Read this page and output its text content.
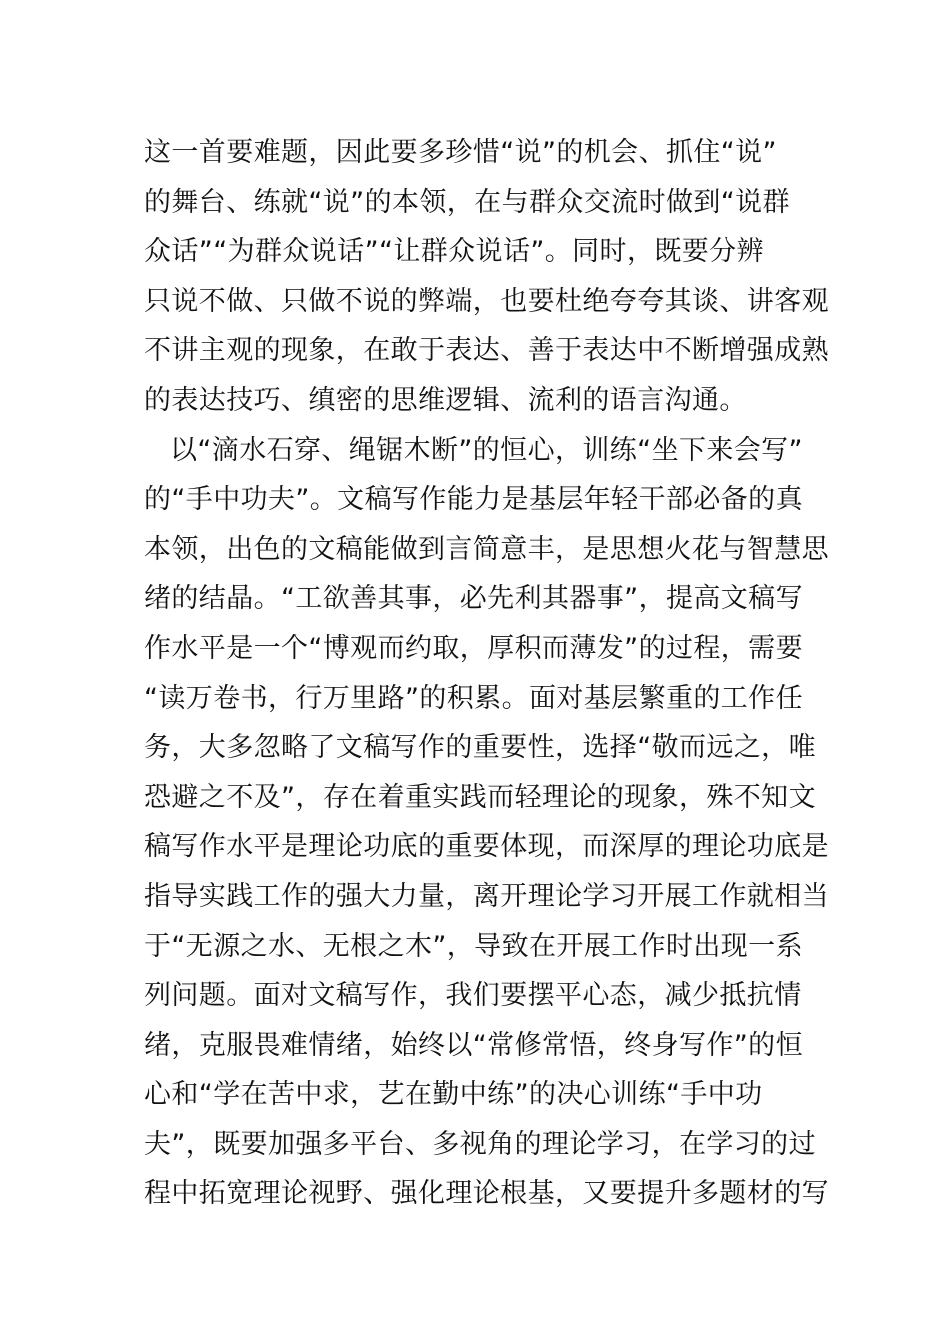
这一首要难题，因此要多珍惜“说”的机会、抓住“说”
的舞台、练就“说”的本领，在与群众交流时做到“说群
众话”“为群众说话”“让群众说话”。同时，既要分辨
只说不做、只做不说的弊端，也要杜绝夸夸其谈、讲客观
不讲主观的现象，在敢于表达、善于表达中不断增强成熟
的表达技巧、缜密的思维逻辑、流利的语言沟通。
以“滴水石穿、绳锯木断”的恒心，训练“坐下来会写”
的“手中功夫”。文稿写作能力是基层年轻干部必备的真
本领，出色的文稿能做到言简意丰，是思想火花与智慧思
绪的结晶。“工欲善其事，必先利其器事”，提高文稿写
作水平是一个“博观而约取，厚积而薄发”的过程，需要
“读万卷书，行万里路”的积累。面对基层繁重的工作任
务，大多忽略了文稿写作的重要性，选择“敬而远之，唯
恐避之不及”，存在着重实践而轻理论的现象，殊不知文
稿写作水平是理论功底的重要体现，而深厚的理论功底是
指导实践工作的强大力量，离开理论学习开展工作就相当
于“无源之水、无根之木”，导致在开展工作时出现一系
列问题。面对文稿写作，我们要摆平心态，减少抵抗情
绪，克服畏难情绪，始终以“常修常悟，终身写作”的恒
心和“学在苦中求，艺在勤中练”的决心训练“手中功
夫”，既要加强多平台、多视角的理论学习，在学习的过
程中拓宽理论视野、强化理论根基，又要提升多题材的写
